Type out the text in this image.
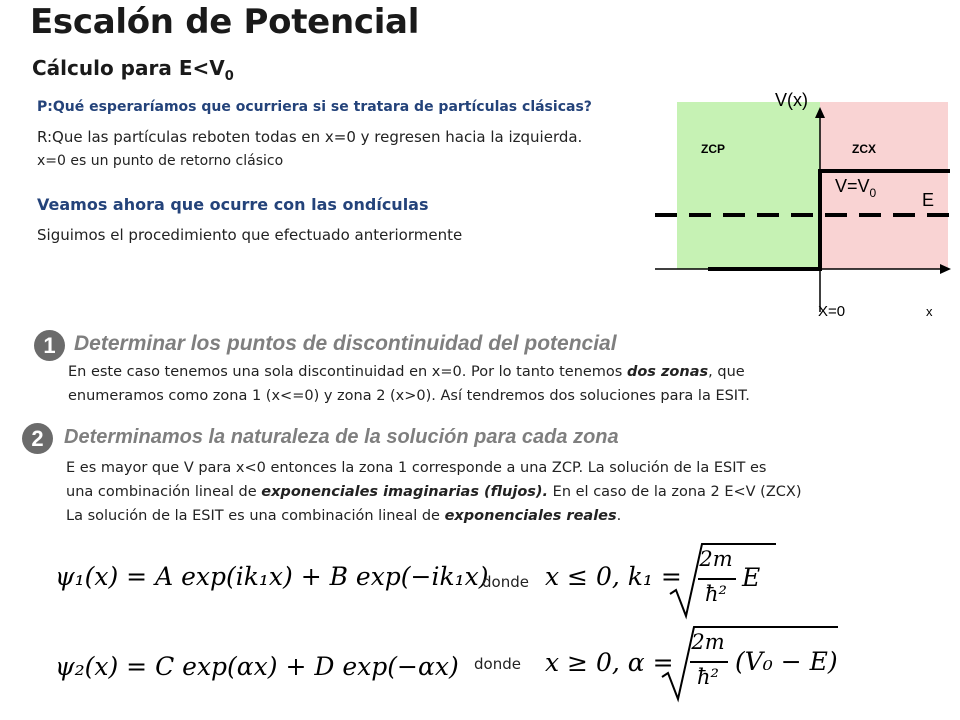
Escalón de Potencial
Cálculo para $E<V_0$
P:Qué esperaríamos que ocurriera si se tratara de partículas clásicas?
R:Que las partículas reboten todas en x=0 y regresen hacia la izquierda.
x=0 es un punto de retorno clásico
Veamos ahora que ocurre con las ondículas
Siguimos el procedimiento que efectuado anteriormente
V(x)
ZCP	ZCX
$V=V_0$	E
X=0	x
1 Determinar los puntos de discontinuidad del potencial
En este caso tenemos una sola discontinuidad en x=0. Por lo tanto tenemos dos zonas, que
enumeramos como zona 1 (x<=0) y zona 2 (x>0). Así tendremos dos soluciones para la ESIT.
2	Determinamos la naturaleza de la solución para cada zona
E es mayor que V para x<0 entonces la zona 1 corresponde a una ZCP. La solución de la ESIT es
una combinación lineal de exponenciales imaginarias (flujos). En el caso de la zona 2 E<V (ZCX)
La solución de la ESIT es una combinación lineal de exponenciales reales.
ψ₁(x) = A exp(ik₁x) + B exp(−ik₁x)
donde x ≤ 0, k₁ =
2m
ħ²
E
ψ₂(x) = C exp(αx) + D exp(−αx) donde x ≥ 0, α =
2m
ħ²
(V₀ − E)
